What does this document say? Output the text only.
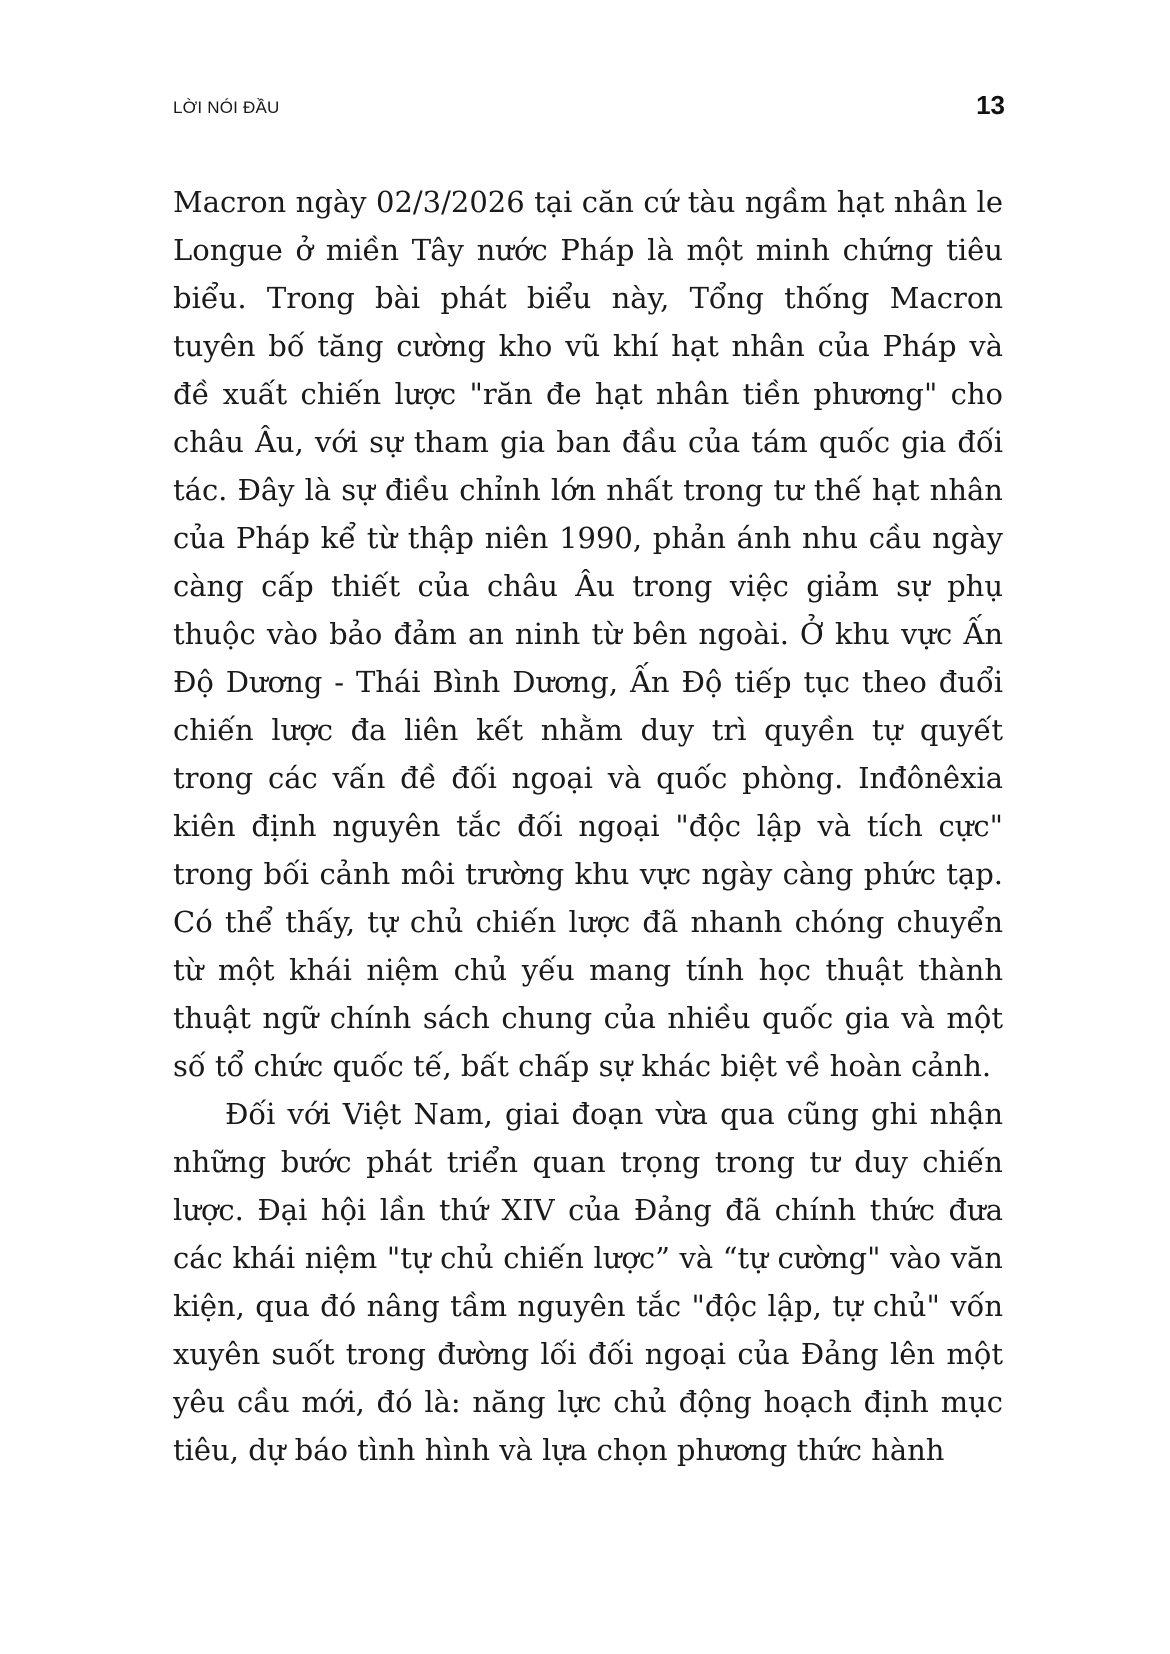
LỜI NÓI ĐẦU	13

Macron ngày 02/3/2026 tại căn cứ tàu ngầm hạt nhân le Longue ở miền Tây nước Pháp là một minh chứng tiêu biểu. Trong bài phát biểu này, Tổng thống Macron tuyên bố tăng cường kho vũ khí hạt nhân của Pháp và đề xuất chiến lược "răn đe hạt nhân tiền phương" cho châu Âu, với sự tham gia ban đầu của tám quốc gia đối tác. Đây là sự điều chỉnh lớn nhất trong tư thế hạt nhân của Pháp kể từ thập niên 1990, phản ánh nhu cầu ngày càng cấp thiết của châu Âu trong việc giảm sự phụ thuộc vào bảo đảm an ninh từ bên ngoài. Ở khu vực Ấn Độ Dương - Thái Bình Dương, Ấn Độ tiếp tục theo đuổi chiến lược đa liên kết nhằm duy trì quyền tự quyết trong các vấn đề đối ngoại và quốc phòng. Inđônêxia kiên định nguyên tắc đối ngoại "độc lập và tích cực" trong bối cảnh môi trường khu vực ngày càng phức tạp. Có thể thấy, tự chủ chiến lược đã nhanh chóng chuyển từ một khái niệm chủ yếu mang tính học thuật thành thuật ngữ chính sách chung của nhiều quốc gia và một số tổ chức quốc tế, bất chấp sự khác biệt về hoàn cảnh.

Đối với Việt Nam, giai đoạn vừa qua cũng ghi nhận những bước phát triển quan trọng trong tư duy chiến lược. Đại hội lần thứ XIV của Đảng đã chính thức đưa các khái niệm "tự chủ chiến lược” và “tự cường" vào văn kiện, qua đó nâng tầm nguyên tắc "độc lập, tự chủ" vốn xuyên suốt trong đường lối đối ngoại của Đảng lên một yêu cầu mới, đó là: năng lực chủ động hoạch định mục tiêu, dự báo tình hình và lựa chọn phương thức hành
